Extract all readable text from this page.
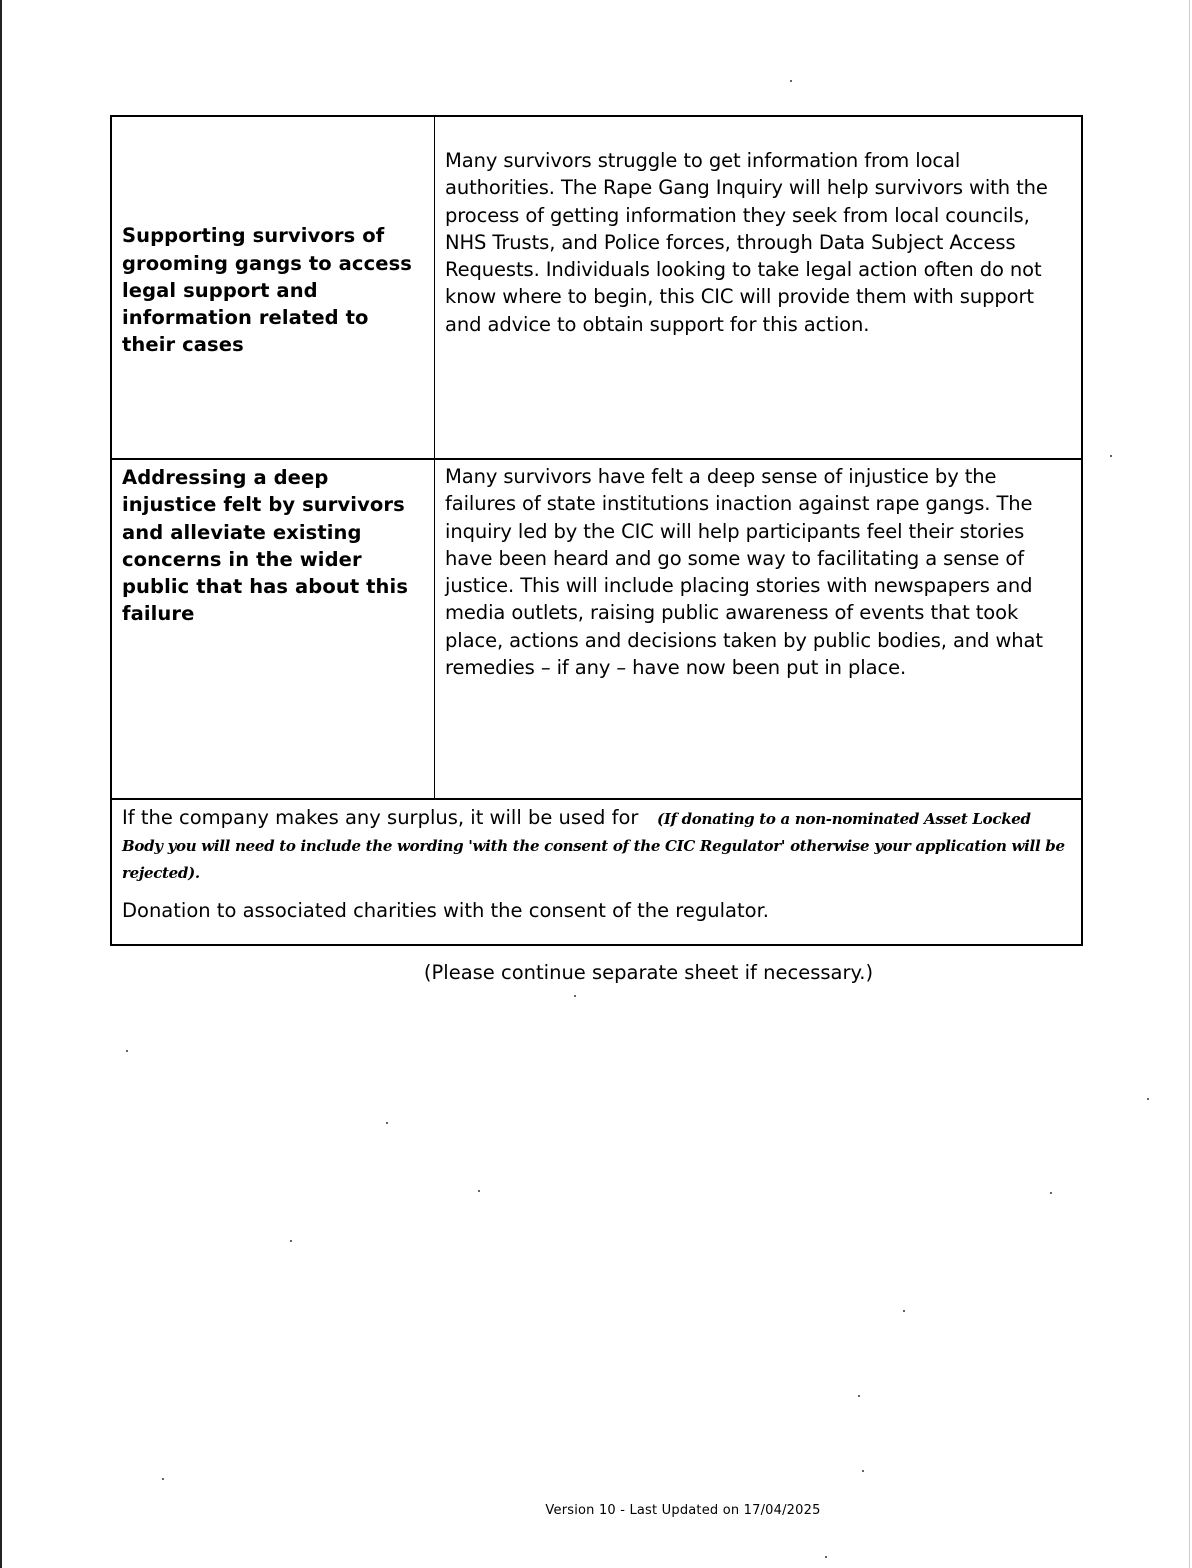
Supporting survivors of grooming gangs to access legal support and information related to their cases
Many survivors struggle to get information from local authorities. The Rape Gang Inquiry will help survivors with the process of getting information they seek from local councils, NHS Trusts, and Police forces, through Data Subject Access Requests. Individuals looking to take legal action often do not know where to begin, this CIC will provide them with support and advice to obtain support for this action.
Addressing a deep injustice felt by survivors and alleviate existing concerns in the wider public that has about this failure
Many survivors have felt a deep sense of injustice by the failures of state institutions inaction against rape gangs. The inquiry led by the CIC will help participants feel their stories have been heard and go some way to facilitating a sense of justice. This will include placing stories with newspapers and media outlets, raising public awareness of events that took place, actions and decisions taken by public bodies, and what remedies – if any – have now been put in place.
If the company makes any surplus, it will be used for (If donating to a non-nominated Asset Locked Body you will need to include the wording 'with the consent of the CIC Regulator' otherwise your application will be rejected).
Donation to associated charities with the consent of the regulator.
(Please continue separate sheet if necessary.)
Version 10 - Last Updated on 17/04/2025
